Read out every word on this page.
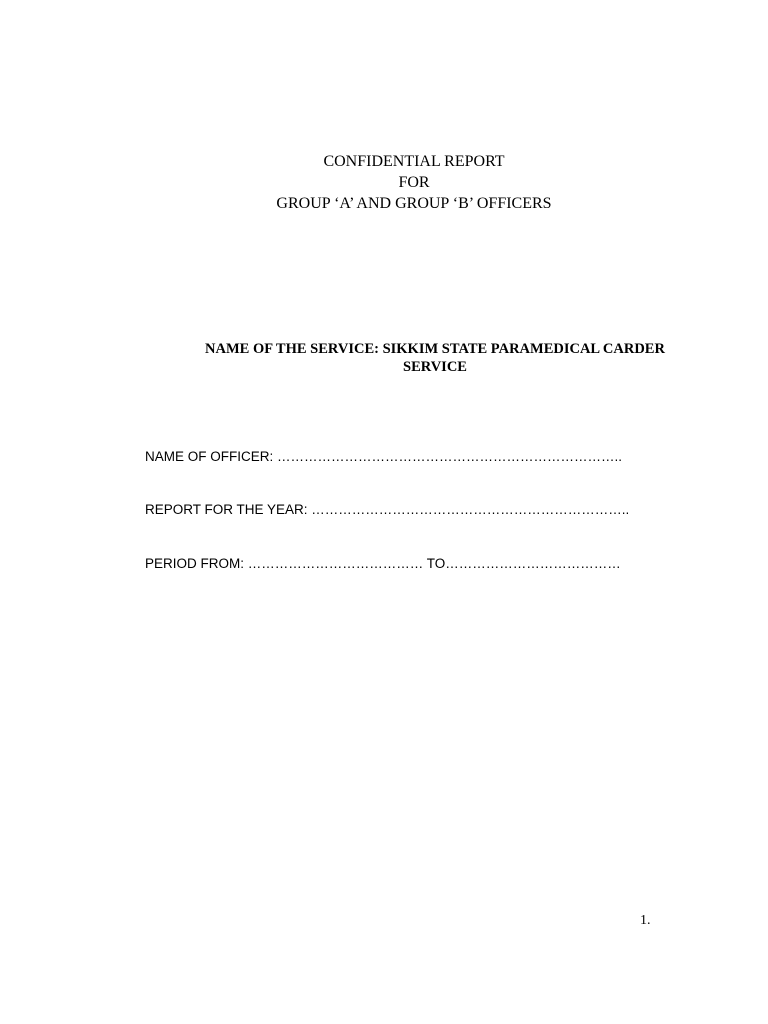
CONFIDENTIAL REPORT
FOR
GROUP ‘A’ AND GROUP ‘B’ OFFICERS
NAME OF THE SERVICE: SIKKIM STATE PARAMEDICAL CARDER
SERVICE
NAME OF OFFICER: …………………………………………………………………..
REPORT FOR THE YEAR: ……………………………………………………………..
PERIOD FROM: ………………………………… TO…………………………………
1.
